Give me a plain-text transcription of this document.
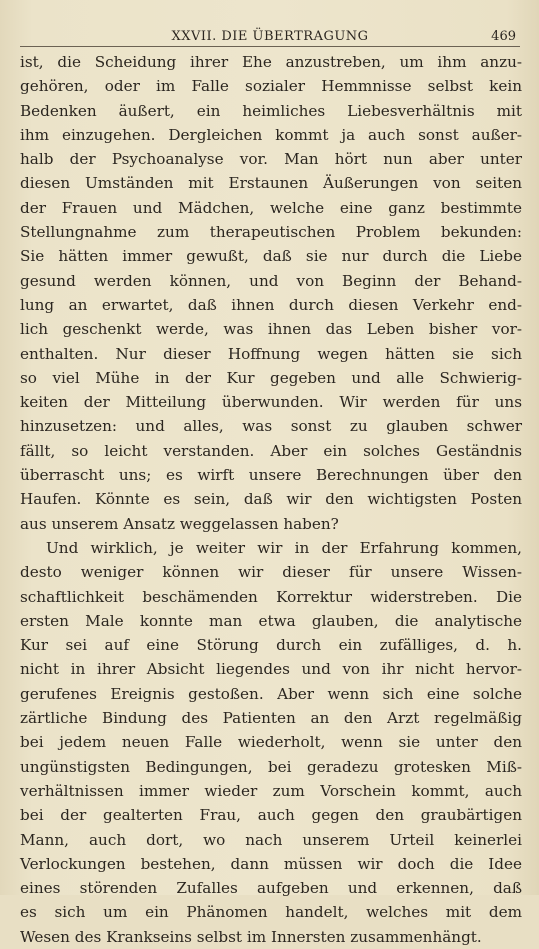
XXVII. DIE ÜBERTRAGUNG	469
ist, die Scheidung ihrer Ehe anzustreben, um ihm anzu-
gehören, oder im Falle sozialer Hemmnisse selbst kein
Bedenken äußert, ein heimliches Liebesverhältnis mit
ihm einzugehen. Dergleichen kommt ja auch sonst außer-
halb der Psychoanalyse vor. Man hört nun aber unter
diesen Umständen mit Erstaunen Äußerungen von seiten
der Frauen und Mädchen, welche eine ganz bestimmte
Stellungnahme zum therapeutischen Problem bekunden:
Sie hätten immer gewußt, daß sie nur durch die Liebe
gesund werden können, und von Beginn der Behand-
lung an erwartet, daß ihnen durch diesen Verkehr end-
lich geschenkt werde, was ihnen das Leben bisher vor-
enthalten. Nur dieser Hoffnung wegen hätten sie sich
so viel Mühe in der Kur gegeben und alle Schwierig-
keiten der Mitteilung überwunden. Wir werden für uns
hinzusetzen: und alles, was sonst zu glauben schwer
fällt, so leicht verstanden. Aber ein solches Geständnis
überrascht uns; es wirft unsere Berechnungen über den
Haufen. Könnte es sein, daß wir den wichtigsten Posten
aus unserem Ansatz weggelassen haben?
Und wirklich, je weiter wir in der Erfahrung kommen,
desto weniger können wir dieser für unsere Wissen-
schaftlichkeit beschämenden Korrektur widerstreben. Die
ersten Male konnte man etwa glauben, die analytische
Kur sei auf eine Störung durch ein zufälliges, d. h.
nicht in ihrer Absicht liegendes und von ihr nicht hervor-
gerufenes Ereignis gestoßen. Aber wenn sich eine solche
zärtliche Bindung des Patienten an den Arzt regelmäßig
bei jedem neuen Falle wiederholt, wenn sie unter den
ungünstigsten Bedingungen, bei geradezu grotesken Miß-
verhältnissen immer wieder zum Vorschein kommt, auch
bei der gealterten Frau, auch gegen den graubärtigen
Mann, auch dort, wo nach unserem Urteil keinerlei
Verlockungen bestehen, dann müssen wir doch die Idee
eines störenden Zufalles aufgeben und erkennen, daß
es sich um ein Phänomen handelt, welches mit dem
Wesen des Krankseins selbst im Innersten zusammenhängt.
